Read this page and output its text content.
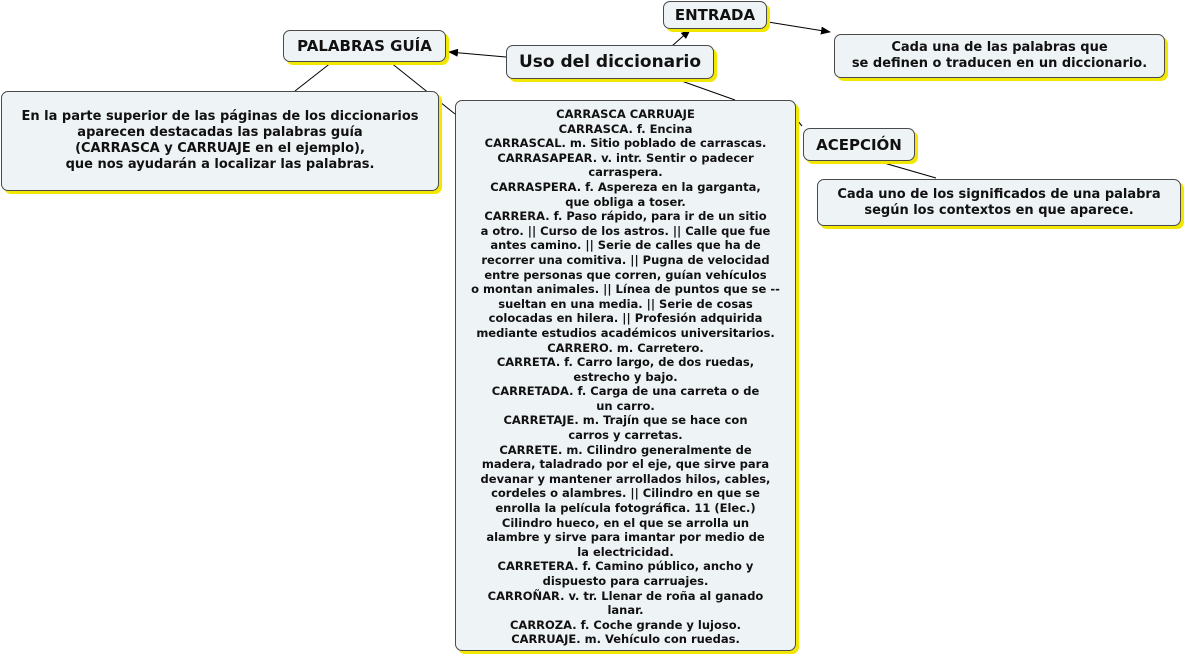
Uso del diccionario
PALABRAS GUÍA
ENTRADA
ACEPCIÓN
En la parte superior de las páginas de los diccionarios
aparecen destacadas las palabras guía
(CARRASCA y CARRUAJE en el ejemplo),
que nos ayudarán a localizar las palabras.
Cada una de las palabras que
se definen o traducen en un diccionario.
Cada uno de los significados de una palabra
según los contextos en que aparece.
CARRASCA CARRUAJE
CARRASCA. f. Encina
CARRASCAL. m. Sitio poblado de carrascas.
CARRASAPEAR. v. intr. Sentir o padecer
carraspera.
CARRASPERA. f. Aspereza en la garganta,
que obliga a toser.
CARRERA. f. Paso rápido, para ir de un sitio
a otro. || Curso de los astros. || Calle que fue
antes camino. || Serie de calles que ha de
recorrer una comitiva. || Pugna de velocidad
entre personas que corren, guían vehículos
o montan animales. || Línea de puntos que se --
sueltan en una media. || Serie de cosas
colocadas en hilera. || Profesión adquirida
mediante estudios académicos universitarios.
CARRERO. m. Carretero.
CARRETA. f. Carro largo, de dos ruedas,
estrecho y bajo.
CARRETADA. f. Carga de una carreta o de
un carro.
CARRETAJE. m. Trajín que se hace con
carros y carretas.
CARRETE. m. Cilindro generalmente de
madera, taladrado por el eje, que sirve para
devanar y mantener arrollados hilos, cables,
cordeles o alambres. || Cilindro en que se
enrolla la película fotográfica. 11 (Elec.)
Cilindro hueco, en el que se arrolla un
alambre y sirve para imantar por medio de
la electricidad.
CARRETERA. f. Camino público, ancho y
dispuesto para carruajes.
CARROÑAR. v. tr. Llenar de roña al ganado
lanar.
CARROZA. f. Coche grande y lujoso.
CARRUAJE. m. Vehículo con ruedas.
